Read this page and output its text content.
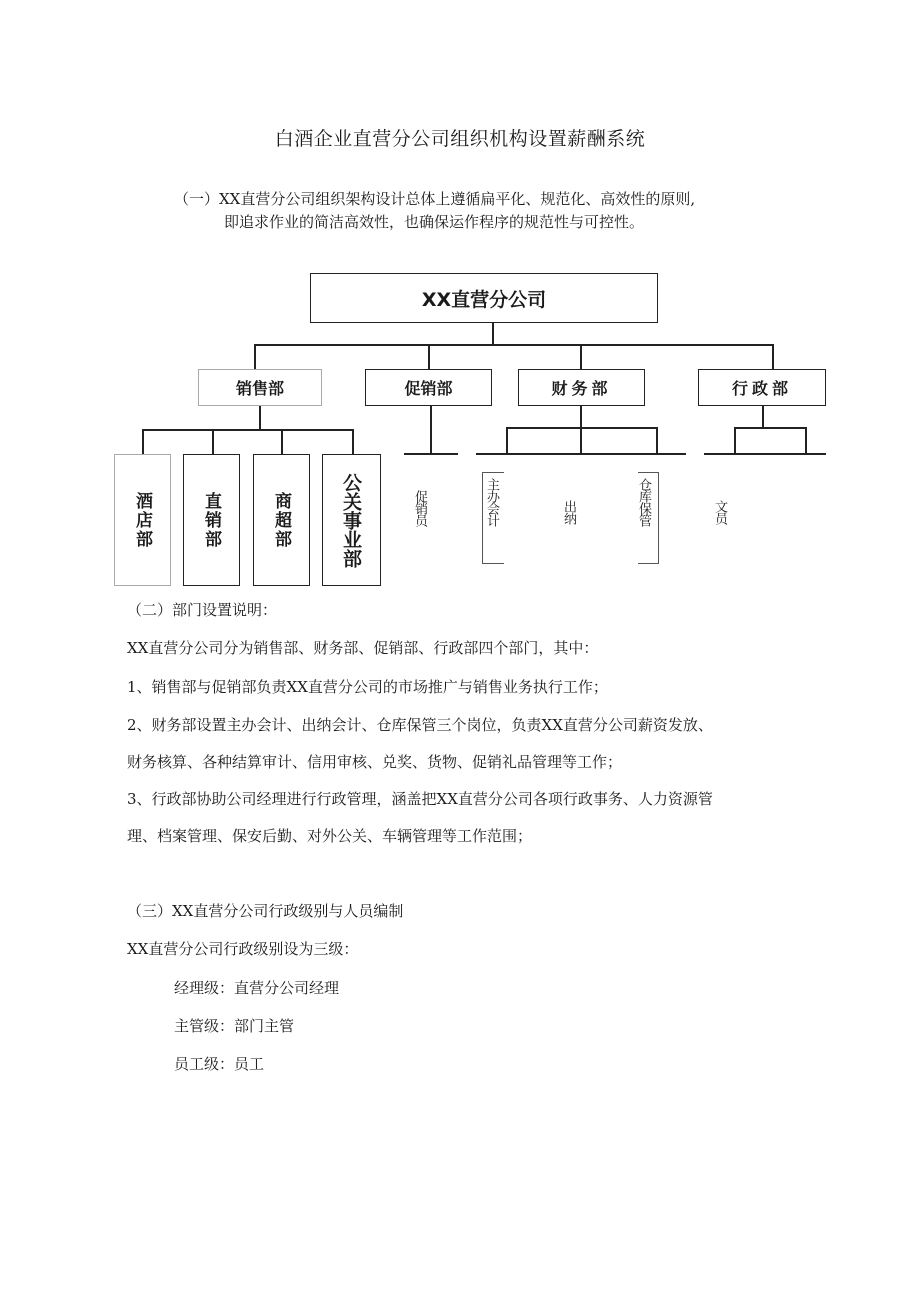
白酒企业直营分公司组织机构设置薪酬系统
（一）XX直营分公司组织架构设计总体上遵循扁平化、规范化、高效性的原则,
即追求作业的简洁高效性，也确保运作程序的规范性与可控性。
XX直营分公司
销售部	促销部	财务部	行政部
酒店部	直销部	商超部	公关事业部	促销员	主办会计	出纳	仓库保管	文员
（二）部门设置说明：
XX直营分公司分为销售部、财务部、促销部、行政部四个部门，其中：
1、销售部与促销部负责XX直营分公司的市场推广与销售业务执行工作；
2、财务部设置主办会计、出纳会计、仓库保管三个岗位，负责XX直营分公司薪资发放、
财务核算、各种结算审计、信用审核、兑奖、货物、促销礼品管理等工作；
3、行政部协助公司经理进行行政管理，涵盖把XX直营分公司各项行政事务、人力资源管
理、档案管理、保安后勤、对外公关、车辆管理等工作范围；
（三）XX直营分公司行政级别与人员编制
XX直营分公司行政级别设为三级：
经理级：直营分公司经理
主管级：部门主管
员工级：员工
